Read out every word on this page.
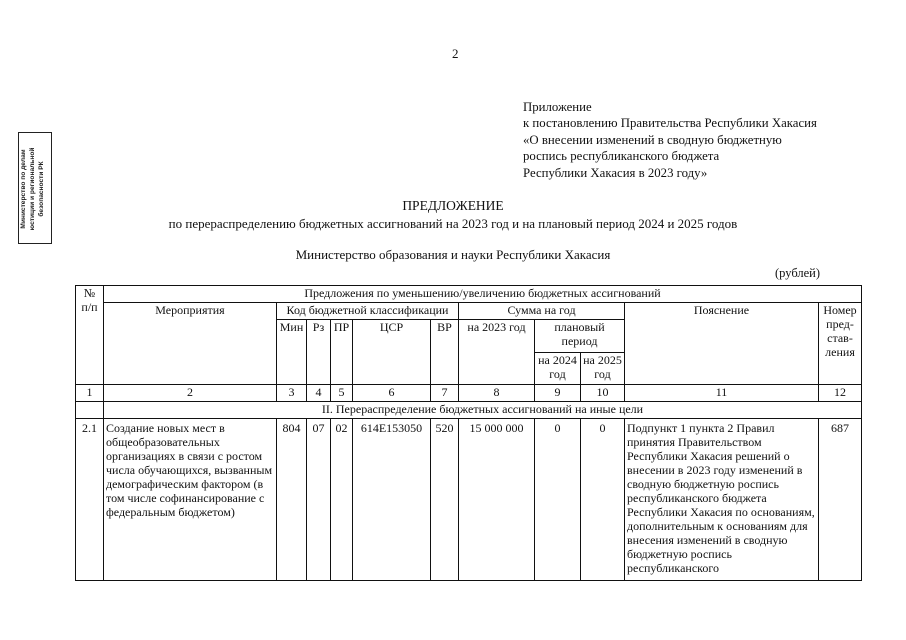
2
Министерство по делам юстиции и региональной безопасности РК
Приложение
к постановлению Правительства Республики Хакасия
«О внесении изменений в сводную бюджетную
роспись республиканского бюджета
Республики Хакасия в 2023 году»
ПРЕДЛОЖЕНИЕ
по перераспределению бюджетных ассигнований на 2023 год и на плановый период 2024 и 2025 годов
Министерство образования и науки Республики Хакасия
(рублей)
№ п/п	Предложения по уменьшению/увеличению бюджетных ассигнований										
	Мероприятия	Код бюджетной классификации					Сумма на год			Пояснение	Номер пред-став-ления
		Мин	Рз	ПР	ЦСР	ВР	на 2023 год	плановый период			
								на 2024 год	на 2025 год		
1	2	3	4	5	6	7	8	9	10	11	12
	II. Перераспределение бюджетных ассигнований на иные цели										
2.1	Создание новых мест в общеобразовательных организациях в связи с ростом числа обучающихся, вызванным демографическим фактором (в том числе софинансирование с федеральным бюджетом)	804	07	02	614E153050	520	15 000 000	0	0	Подпункт 1 пункта 2 Правил принятия Правительством Республики Хакасия решений о внесении в 2023 году изменений в сводную бюджетную роспись республиканского бюджета Республики Хакасия по основаниям, дополнительным к основаниям для внесения изменений в сводную бюджетную роспись республиканского	687
